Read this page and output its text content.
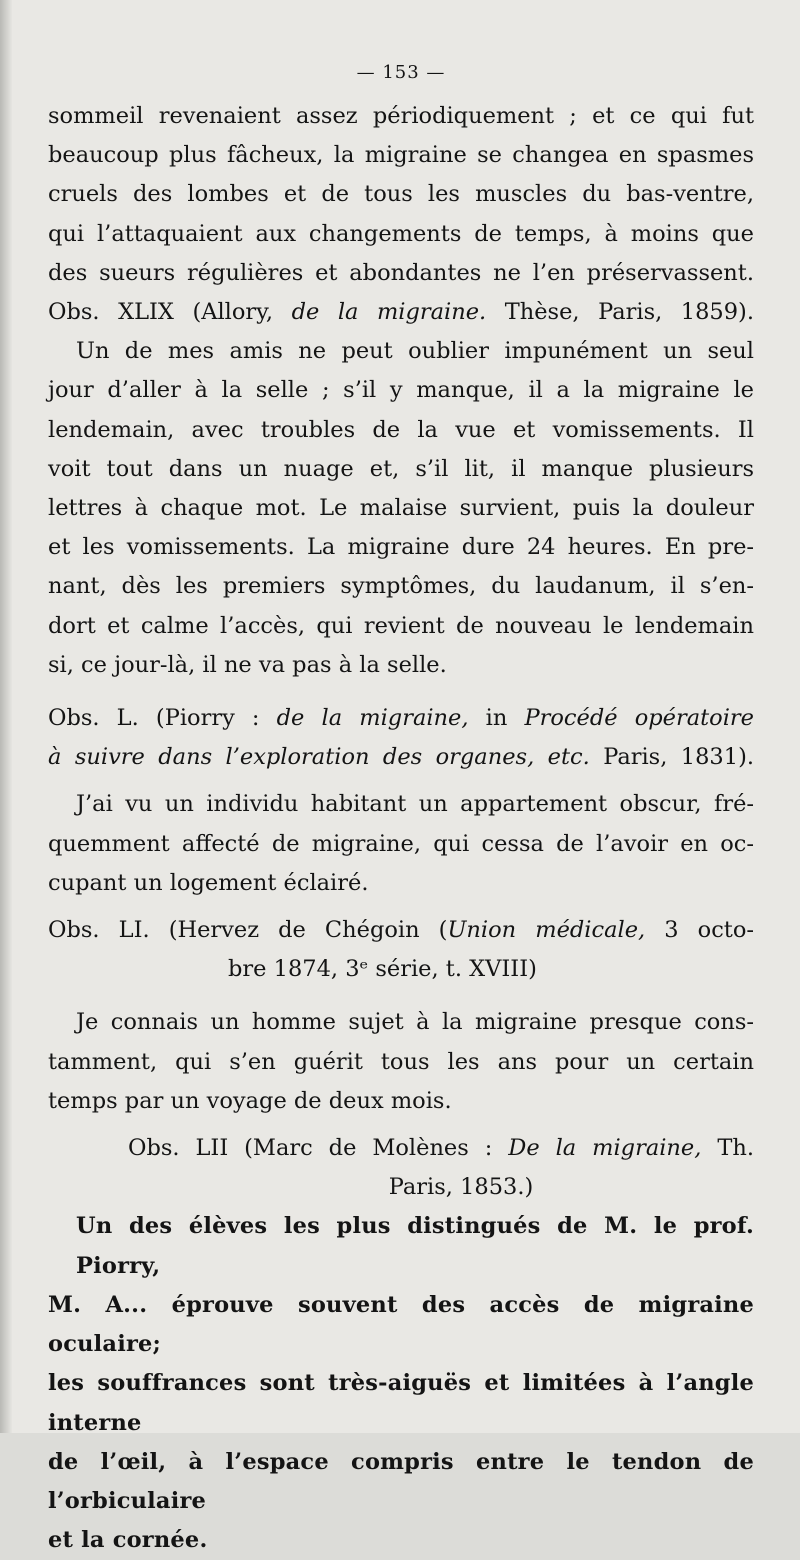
— 153 —
sommeil revenaient assez périodiquement ; et ce qui fut
beaucoup plus fâcheux, la migraine se changea en spasmes
cruels des lombes et de tous les muscles du bas-ventre,
qui l’attaquaient aux changements de temps, à moins que
des sueurs régulières et abondantes ne l’en préservassent.
Obs. XLIX (Allory, de la migraine. Thèse, Paris, 1859).
Un de mes amis ne peut oublier impunément un seul
jour d’aller à la selle ; s’il y manque, il a la migraine le
lendemain, avec troubles de la vue et vomissements. Il
voit tout dans un nuage et, s’il lit, il manque plusieurs
lettres à chaque mot. Le malaise survient, puis la douleur
et les vomissements. La migraine dure 24 heures. En pre-
nant, dès les premiers symptômes, du laudanum, il s’en-
dort et calme l’accès, qui revient de nouveau le lendemain
si, ce jour-là, il ne va pas à la selle.
Obs. L. (Piorry : de la migraine, in Procédé opératoire
à suivre dans l’exploration des organes, etc. Paris, 1831).
J’ai vu un individu habitant un appartement obscur, fré-
quemment affecté de migraine, qui cessa de l’avoir en oc-
cupant un logement éclairé.
Obs. LI. (Hervez de Chégoin (Union médicale, 3 octo-
bre 1874, 3ᵉ série, t. XVIII)
Je connais un homme sujet à la migraine presque cons-
tamment, qui s’en guérit tous les ans pour un certain
temps par un voyage de deux mois.
Obs. LII (Marc de Molènes : De la migraine, Th.
Paris, 1853.)
Un des élèves les plus distingués de M. le prof. Piorry,
M. A... éprouve souvent des accès de migraine oculaire;
les souffrances sont très-aiguës et limitées à l’angle interne
de l’œil, à l’espace compris entre le tendon de l’orbiculaire
et la cornée.
